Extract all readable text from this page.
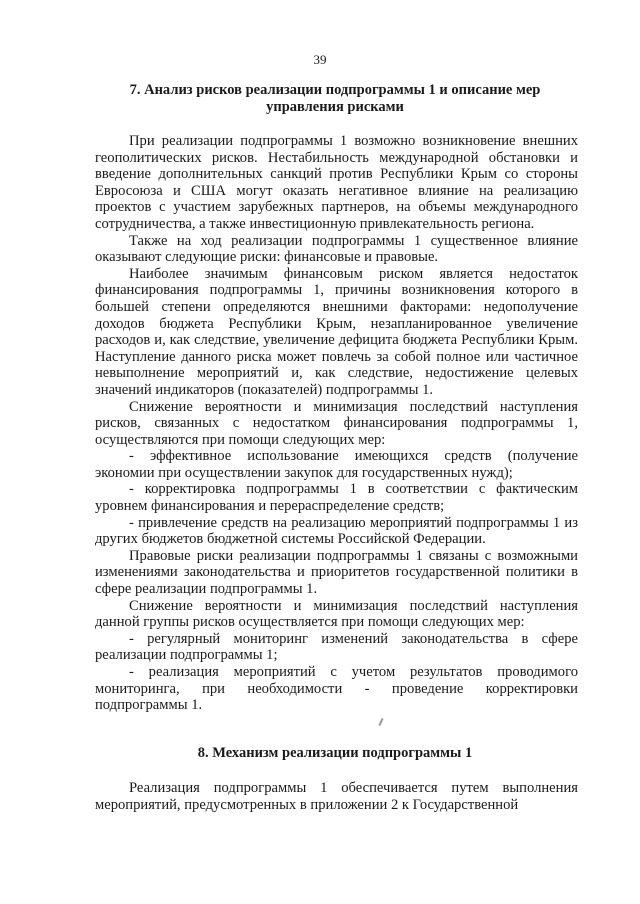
39
7. Анализ рисков реализации подпрограммы 1 и описание мер управления рисками

При реализации подпрограммы 1 возможно возникновение внешних геополитических рисков. Нестабильность международной обстановки и введение дополнительных санкций против Республики Крым со стороны Евросоюза и США могут оказать негативное влияние на реализацию проектов с участием зарубежных партнеров, на объемы международного сотрудничества, а также инвестиционную привлекательность региона.

Также на ход реализации подпрограммы 1 существенное влияние оказывают следующие риски: финансовые и правовые.

Наиболее значимым финансовым риском является недостаток финансирования подпрограммы 1, причины возникновения которого в большей степени определяются внешними факторами: недополучение доходов бюджета Республики Крым, незапланированное увеличение расходов и, как следствие, увеличение дефицита бюджета Республики Крым. Наступление данного риска может повлечь за собой полное или частичное невыполнение мероприятий и, как следствие, недостижение целевых значений индикаторов (показателей) подпрограммы 1.

Снижение вероятности и минимизация последствий наступления рисков, связанных с недостатком финансирования подпрограммы 1, осуществляются при помощи следующих мер:

- эффективное использование имеющихся средств (получение экономии при осуществлении закупок для государственных нужд);

- корректировка подпрограммы 1 в соответствии с фактическим уровнем финансирования и перераспределение средств;

- привлечение средств на реализацию мероприятий подпрограммы 1 из других бюджетов бюджетной системы Российской Федерации.

Правовые риски реализации подпрограммы 1 связаны с возможными изменениями законодательства и приоритетов государственной политики в сфере реализации подпрограммы 1.

Снижение вероятности и минимизация последствий наступления данной группы рисков осуществляется при помощи следующих мер:

- регулярный мониторинг изменений законодательства в сфере реализации подпрограммы 1;

- реализация мероприятий с учетом результатов проводимого мониторинга, при необходимости - проведение корректировки подпрограммы 1.

8. Механизм реализации подпрограммы 1

Реализация подпрограммы 1 обеспечивается путем выполнения мероприятий, предусмотренных в приложении 2 к Государственной
